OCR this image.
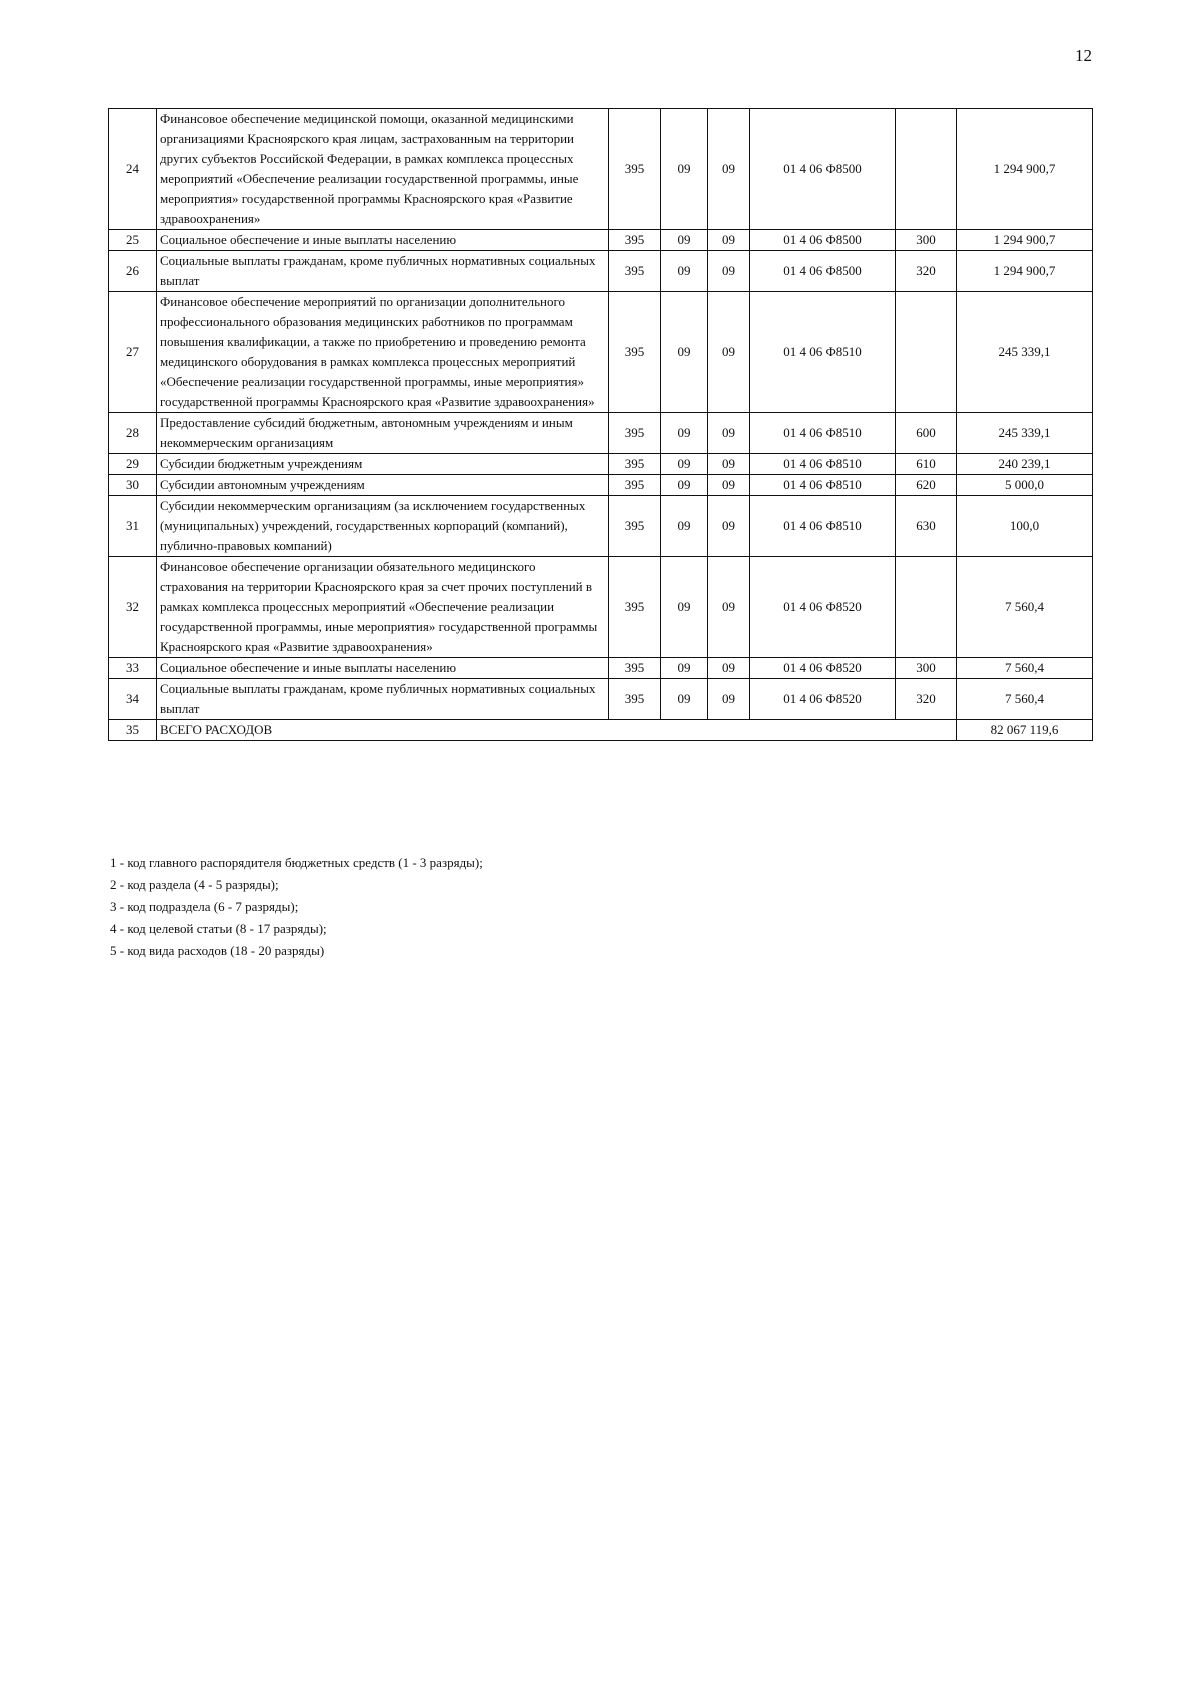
12
24	Финансовое обеспечение медицинской помощи, оказанной медицинскими организациями Красноярского края лицам, застрахованным на территории других субъектов Российской Федерации, в рамках комплекса процессных мероприятий «Обеспечение реализации государственной программы, иные мероприятия» государственной программы Красноярского края «Развитие здравоохранения»	395	09	09	01 4 06 Ф8500		1 294 900,7
25	Социальное обеспечение и иные выплаты населению	395	09	09	01 4 06 Ф8500	300	1 294 900,7
26	Социальные выплаты гражданам, кроме публичных нормативных социальных выплат	395	09	09	01 4 06 Ф8500	320	1 294 900,7
27	Финансовое обеспечение мероприятий по организации дополнительного профессионального образования медицинских работников по программам повышения квалификации, а также по приобретению и проведению ремонта медицинского оборудования в рамках комплекса процессных мероприятий «Обеспечение реализации государственной программы, иные мероприятия» государственной программы Красноярского края «Развитие здравоохранения»	395	09	09	01 4 06 Ф8510		245 339,1
28	Предоставление субсидий бюджетным, автономным учреждениям и иным некоммерческим организациям	395	09	09	01 4 06 Ф8510	600	245 339,1
29	Субсидии бюджетным учреждениям	395	09	09	01 4 06 Ф8510	610	240 239,1
30	Субсидии автономным учреждениям	395	09	09	01 4 06 Ф8510	620	5 000,0
31	Субсидии некоммерческим организациям (за исключением государственных (муниципальных) учреждений, государственных корпораций (компаний), публично-правовых компаний)	395	09	09	01 4 06 Ф8510	630	100,0
32	Финансовое обеспечение организации обязательного медицинского страхования на территории Красноярского края за счет прочих поступлений в рамках комплекса процессных мероприятий «Обеспечение реализации государственной программы, иные мероприятия» государственной программы Красноярского края «Развитие здравоохранения»	395	09	09	01 4 06 Ф8520		7 560,4
33	Социальное обеспечение и иные выплаты населению	395	09	09	01 4 06 Ф8520	300	7 560,4
34	Социальные выплаты гражданам, кроме публичных нормативных социальных выплат	395	09	09	01 4 06 Ф8520	320	7 560,4
35	ВСЕГО РАСХОДОВ						82 067 119,6
1 - код главного распорядителя бюджетных средств (1 - 3 разряды);
2 - код раздела (4 - 5 разряды);
3 - код подраздела (6 - 7 разряды);
4 - код целевой статьи (8 - 17 разряды);
5 - код вида расходов (18 - 20 разряды)
